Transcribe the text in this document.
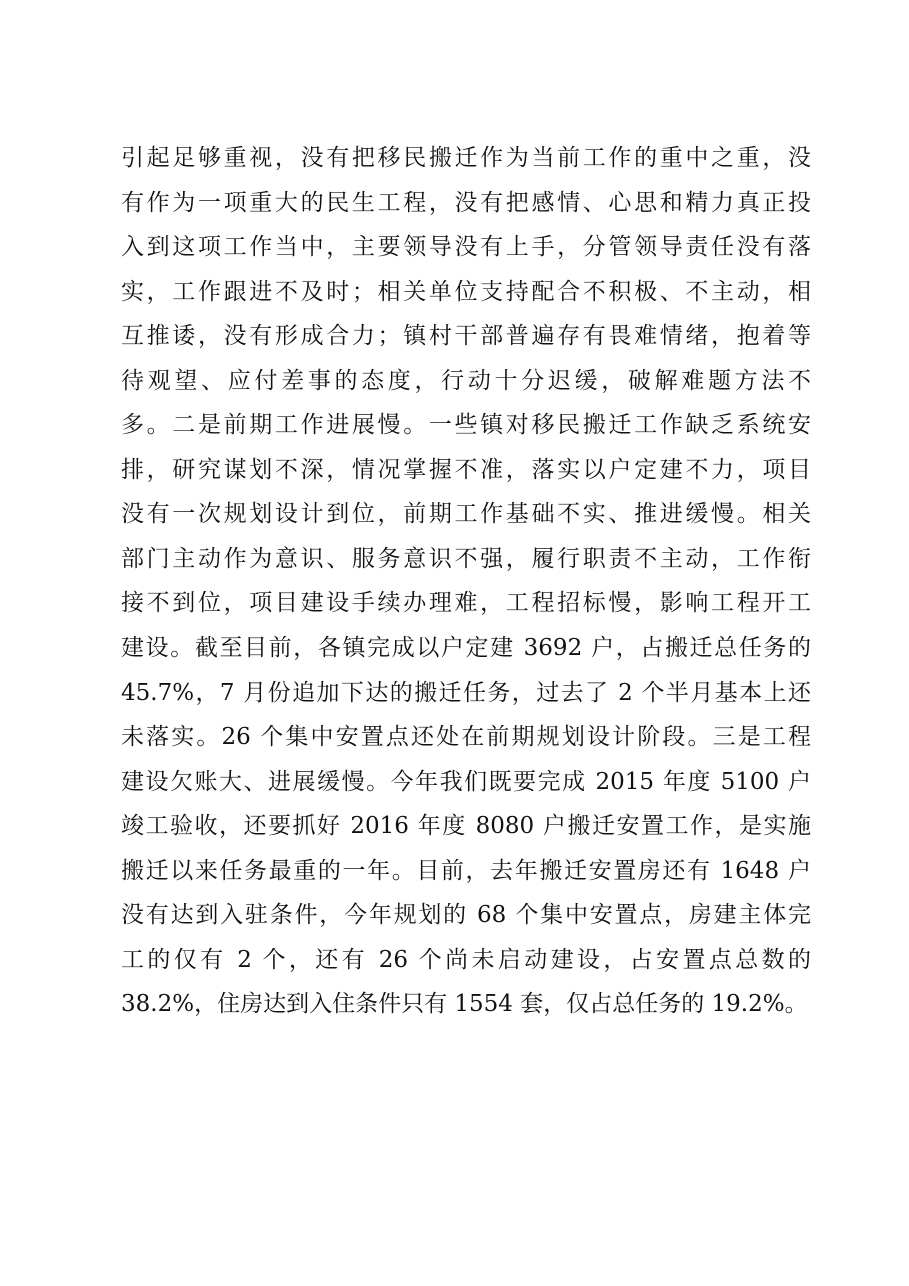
引起足够重视，没有把移民搬迁作为当前工作的重中之重，没
有作为一项重大的民生工程，没有把感情、心思和精力真正投
入到这项工作当中，主要领导没有上手，分管领导责任没有落
实，工作跟进不及时；相关单位支持配合不积极、不主动，相
互推诿，没有形成合力；镇村干部普遍存有畏难情绪，抱着等
待观望、应付差事的态度，行动十分迟缓，破解难题方法不
多。二是前期工作进展慢。一些镇对移民搬迁工作缺乏系统安
排，研究谋划不深，情况掌握不准，落实以户定建不力，项目
没有一次规划设计到位，前期工作基础不实、推进缓慢。相关
部门主动作为意识、服务意识不强，履行职责不主动，工作衔
接不到位，项目建设手续办理难，工程招标慢，影响工程开工
建设。截至目前，各镇完成以户定建 3692 户，占搬迁总任务的
45.7%，7 月份追加下达的搬迁任务，过去了 2 个半月基本上还
未落实。26 个集中安置点还处在前期规划设计阶段。三是工程
建设欠账大、进展缓慢。今年我们既要完成 2015 年度 5100 户
竣工验收，还要抓好 2016 年度 8080 户搬迁安置工作，是实施
搬迁以来任务最重的一年。目前，去年搬迁安置房还有 1648 户
没有达到入驻条件，今年规划的 68 个集中安置点，房建主体完
工的仅有 2 个，还有 26 个尚未启动建设，占安置点总数的
38.2%，住房达到入住条件只有 1554 套，仅占总任务的 19.2%。
